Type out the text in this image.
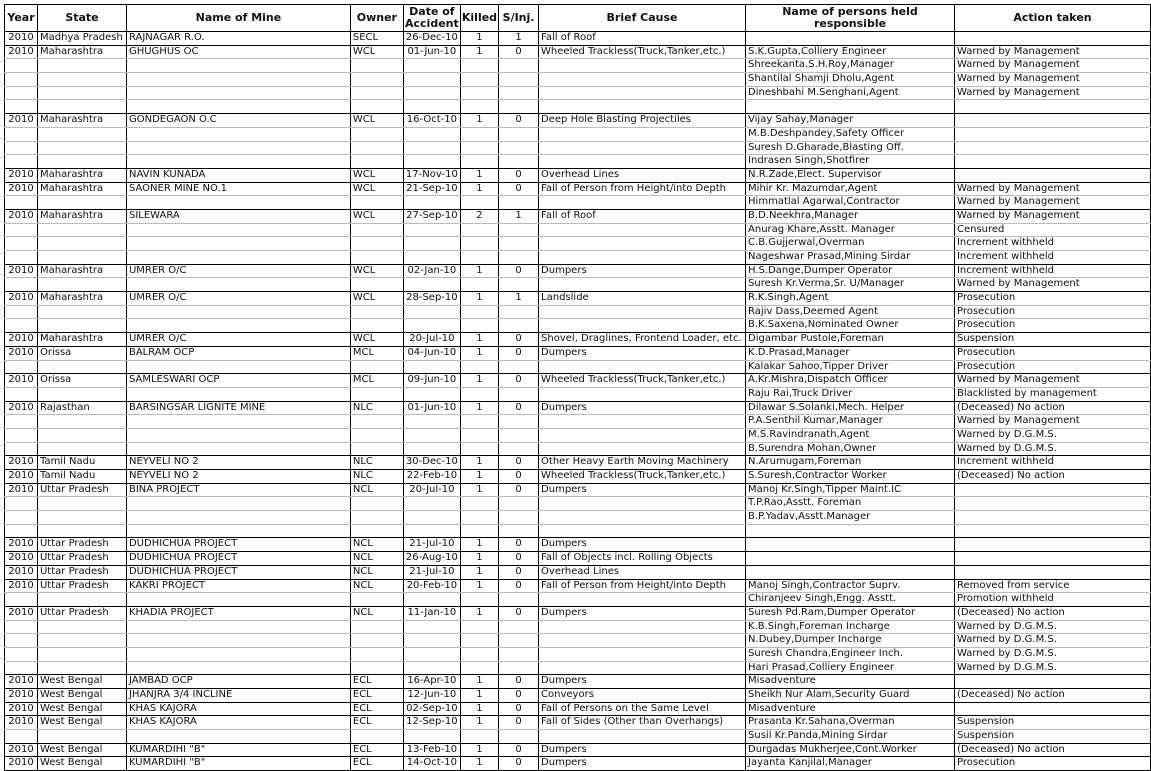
Year	State	Name of Mine	Owner	Date of Accident	Killed	S/Inj.	Brief Cause	Name of persons held responsible	Action taken
2010	Madhya Pradesh	RAJNAGAR R.O.	SECL	26-Dec-10	1	1	Fall of Roof		
2010	Maharashtra	GHUGHUS OC	WCL	01-Jun-10	1	0	Wheeled Trackless(Truck,Tanker,etc.)	S.K.Gupta,Colliery Engineer	Warned by Management
								Shreekanta.S.H.Roy,Manager	Warned by Management
								Shantilal Shamji Dholu,Agent	Warned by Management
								Dineshbahi M.Senghani,Agent	Warned by Management

2010	Maharashtra	GONDEGAON O.C	WCL	16-Oct-10	1	0	Deep Hole Blasting Projectiles	Vijay Sahay,Manager	
								M.B.Deshpandey,Safety Officer	
								Suresh D.Gharade,Blasting Off.	
								Indrasen Singh,Shotfirer	
2010	Maharashtra	NAVIN KUNADA	WCL	17-Nov-10	1	0	Overhead Lines	N.R.Zade,Elect. Supervisor	
2010	Maharashtra	SAONER MINE NO.1	WCL	21-Sep-10	1	0	Fall of Person from Height/into Depth	Mihir Kr. Mazumdar,Agent	Warned by Management
								Himmatlal Agarwal,Contractor	Warned by Management
2010	Maharashtra	SILEWARA	WCL	27-Sep-10	2	1	Fall of Roof	B.D.Neekhra,Manager	Warned by Management
								Anurag Khare,Asstt. Manager	Censured
								C.B.Gujjerwal,Overman	Increment withheld
								Nageshwar Prasad,Mining Sirdar	Increment withheld
2010	Maharashtra	UMRER O/C	WCL	02-Jan-10	1	0	Dumpers	H.S.Dange,Dumper Operator	Increment withheld
								Suresh Kr.Verma,Sr. U/Manager	Warned by Management
2010	Maharashtra	UMRER O/C	WCL	28-Sep-10	1	1	Landslide	R.K.Singh,Agent	Prosecution
								Rajiv Dass,Deemed Agent	Prosecution
								B.K.Saxena,Nominated Owner	Prosecution
2010	Maharashtra	UMRER O/C	WCL	20-Jul-10	1	0	Shovel, Draglines, Frontend Loader, etc.	Digambar Pustole,Foreman	Suspension
2010	Orissa	BALRAM OCP	MCL	04-Jun-10	1	0	Dumpers	K.D.Prasad,Manager	Prosecution
								Kalakar Sahoo,Tipper Driver	Prosecution
2010	Orissa	SAMLESWARI OCP	MCL	09-Jun-10	1	0	Wheeled Trackless(Truck,Tanker,etc.)	A.Kr.Mishra,Dispatch Officer	Warned by Management
								Raju Rai,Truck Driver	Blacklisted by management
2010	Rajasthan	BARSINGSAR LIGNITE MINE	NLC	01-Jun-10	1	0	Dumpers	Dilawar S.Solanki,Mech. Helper	(Deceased) No action
								P.A.Senthil Kumar,Manager	Warned by Management
								M.S.Ravindranath,Agent	Warned by D.G.M.S.
								B.Surendra Mohan,Owner	Warned by D.G.M.S.
2010	Tamil Nadu	NEYVELI NO 2	NLC	30-Dec-10	1	0	Other Heavy Earth Moving Machinery	N.Arumugam,Foreman	Increment withheld
2010	Tamil Nadu	NEYVELI NO 2	NLC	22-Feb-10	1	0	Wheeled Trackless(Truck,Tanker,etc.)	S.Suresh,Contractor Worker	(Deceased) No action
2010	Uttar Pradesh	BINA PROJECT	NCL	20-Jul-10	1	0	Dumpers	Manoj Kr.Singh,Tipper Maint.IC	
								T.P.Rao,Asstt. Foreman	
								B.P.Yadav,Asstt.Manager	

2010	Uttar Pradesh	DUDHICHUA PROJECT	NCL	21-Jul-10	1	0	Dumpers		
2010	Uttar Pradesh	DUDHICHUA PROJECT	NCL	26-Aug-10	1	0	Fall of Objects incl. Rolling Objects		
2010	Uttar Pradesh	DUDHICHUA PROJECT	NCL	21-Jul-10	1	0	Overhead Lines		
2010	Uttar Pradesh	KAKRI PROJECT	NCL	20-Feb-10	1	0	Fall of Person from Height/into Depth	Manoj Singh,Contractor Suprv.	Removed from service
								Chiranjeev Singh,Engg. Asstt.	Promotion withheld
2010	Uttar Pradesh	KHADIA PROJECT	NCL	11-Jan-10	1	0	Dumpers	Suresh Pd.Ram,Dumper Operator	(Deceased) No action
								K.B.Singh,Foreman Incharge	Warned by D.G.M.S.
								N.Dubey,Dumper Incharge	Warned by D.G.M.S.
								Suresh Chandra,Engineer Inch.	Warned by D.G.M.S.
								Hari Prasad,Colliery Engineer	Warned by D.G.M.S.
2010	West Bengal	JAMBAD OCP	ECL	16-Apr-10	1	0	Dumpers	Misadventure	
2010	West Bengal	JHANJRA 3/4 INCLINE	ECL	12-Jun-10	1	0	Conveyors	Sheikh Nur Alam,Security Guard	(Deceased) No action
2010	West Bengal	KHAS KAJORA	ECL	02-Sep-10	1	0	Fall of Persons on the Same Level	Misadventure	
2010	West Bengal	KHAS KAJORA	ECL	12-Sep-10	1	0	Fall of Sides (Other than Overhangs)	Prasanta Kr.Sahana,Overman	Suspension
								Susil Kr.Panda,Mining Sirdar	Suspension
2010	West Bengal	KUMARDIHI "B"	ECL	13-Feb-10	1	0	Dumpers	Durgadas Mukherjee,Cont.Worker	(Deceased) No action
2010	West Bengal	KUMARDIHI "B"	ECL	14-Oct-10	1	0	Dumpers	Jayanta Kanjilal,Manager	Prosecution
